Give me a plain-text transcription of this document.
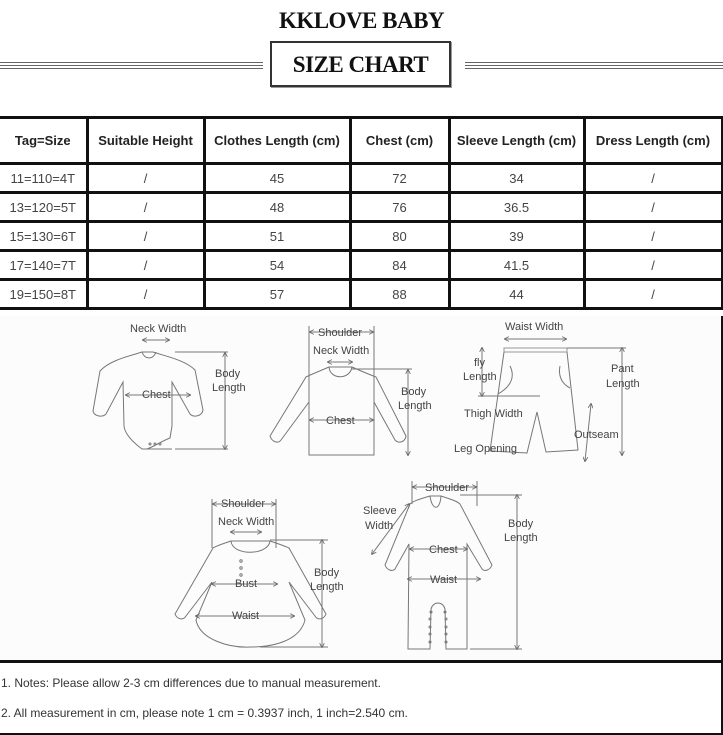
KKLOVE BABY
SIZE CHART
Tag=Size	Suitable Height	Clothes Length (cm)	Chest (cm)	Sleeve Length (cm)	Dress Length (cm)
11=110=4T	/	45	72	34	/
13=120=5T	/	48	76	36.5	/
15=130=6T	/	51	80	39	/
17=140=7T	/	54	84	41.5	/
19=150=8T	/	57	88	44	/
Neck Width
Chest
Body
Length
Shoulder
Neck Width
Chest
Body
Length
Waist Width
fly
Length
Pant
Length
Thigh Width
Outseam
Leg Opening
Shoulder
Neck Width
Bust
Waist
Body
Length
Shoulder
Sleeve
Width
Chest
Waist
Body
Length
1. Notes: Please allow 2-3 cm differences due to manual measurement.
2. All measurement in cm, please note 1 cm = 0.3937 inch, 1 inch=2.540 cm.
